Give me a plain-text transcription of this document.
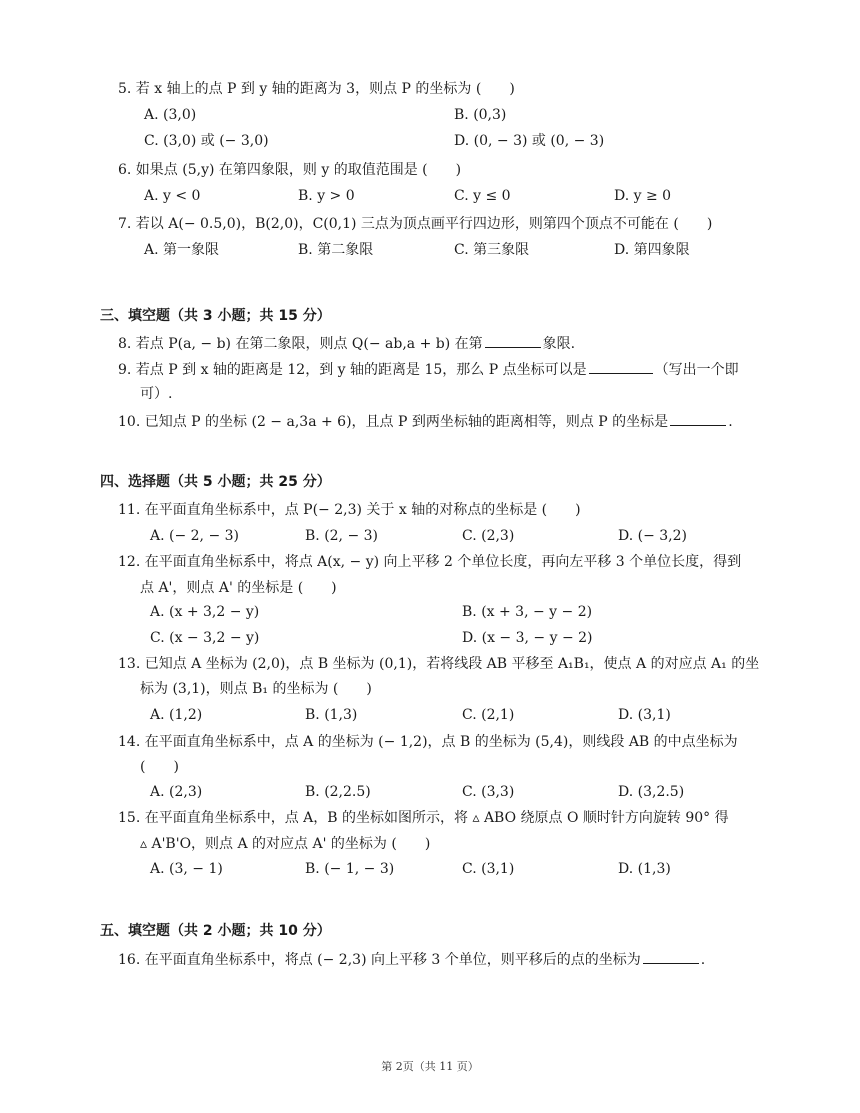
5. 若 x 轴上的点 P 到 y 轴的距离为 3，则点 P 的坐标为 (　　)
A. (3,0)	B. (0,3)
C. (3,0) 或 (− 3,0)	D. (0, − 3) 或 (0, − 3)
6. 如果点 (5,y) 在第四象限，则 y 的取值范围是 (　　)
A. y < 0	B. y > 0	C. y ≤ 0	D. y ≥ 0
7. 若以 A(− 0.5,0)，B(2,0)，C(0,1) 三点为顶点画平行四边形，则第四个顶点不可能在 (　　)
A. 第一象限	B. 第二象限	C. 第三象限	D. 第四象限
三、填空题（共 3 小题；共 15 分）
8. 若点 P(a, − b) 在第二象限，则点 Q(− ab,a + b) 在第	象限.
9. 若点 P 到 x 轴的距离是 12，到 y 轴的距离是 15，那么 P 点坐标可以是	（写出一个即
可）.
10. 已知点 P 的坐标 (2 − a,3a + 6)，且点 P 到两坐标轴的距离相等，则点 P 的坐标是	.
四、选择题（共 5 小题；共 25 分）
11. 在平面直角坐标系中，点 P(− 2,3) 关于 x 轴的对称点的坐标是 (　　)
A. (− 2, − 3)	B. (2, − 3)	C. (2,3)	D. (− 3,2)
12. 在平面直角坐标系中，将点 A(x, − y) 向上平移 2 个单位长度，再向左平移 3 个单位长度，得到
点 A'，则点 A' 的坐标是 (　　)
A. (x + 3,2 − y)	B. (x + 3, − y − 2)
C. (x − 3,2 − y)	D. (x − 3, − y − 2)
13. 已知点 A 坐标为 (2,0)，点 B 坐标为 (0,1)，若将线段 AB 平移至 A₁B₁，使点 A 的对应点 A₁ 的坐
标为 (3,1)，则点 B₁ 的坐标为 (　　)
A. (1,2)	B. (1,3)	C. (2,1)	D. (3,1)
14. 在平面直角坐标系中，点 A 的坐标为 (− 1,2)，点 B 的坐标为 (5,4)，则线段 AB 的中点坐标为
(　　)
A. (2,3)	B. (2,2.5)	C. (3,3)	D. (3,2.5)
15. 在平面直角坐标系中，点 A，B 的坐标如图所示，将 ▵ ABO 绕原点 O 顺时针方向旋转 90° 得
▵ A'B'O，则点 A 的对应点 A' 的坐标为 (　　)
A. (3, − 1)	B. (− 1, − 3)	C. (3,1)	D. (1,3)
五、填空题（共 2 小题；共 10 分）
16. 在平面直角坐标系中，将点 (− 2,3) 向上平移 3 个单位，则平移后的点的坐标为	.
第 2页（共 11 页）
